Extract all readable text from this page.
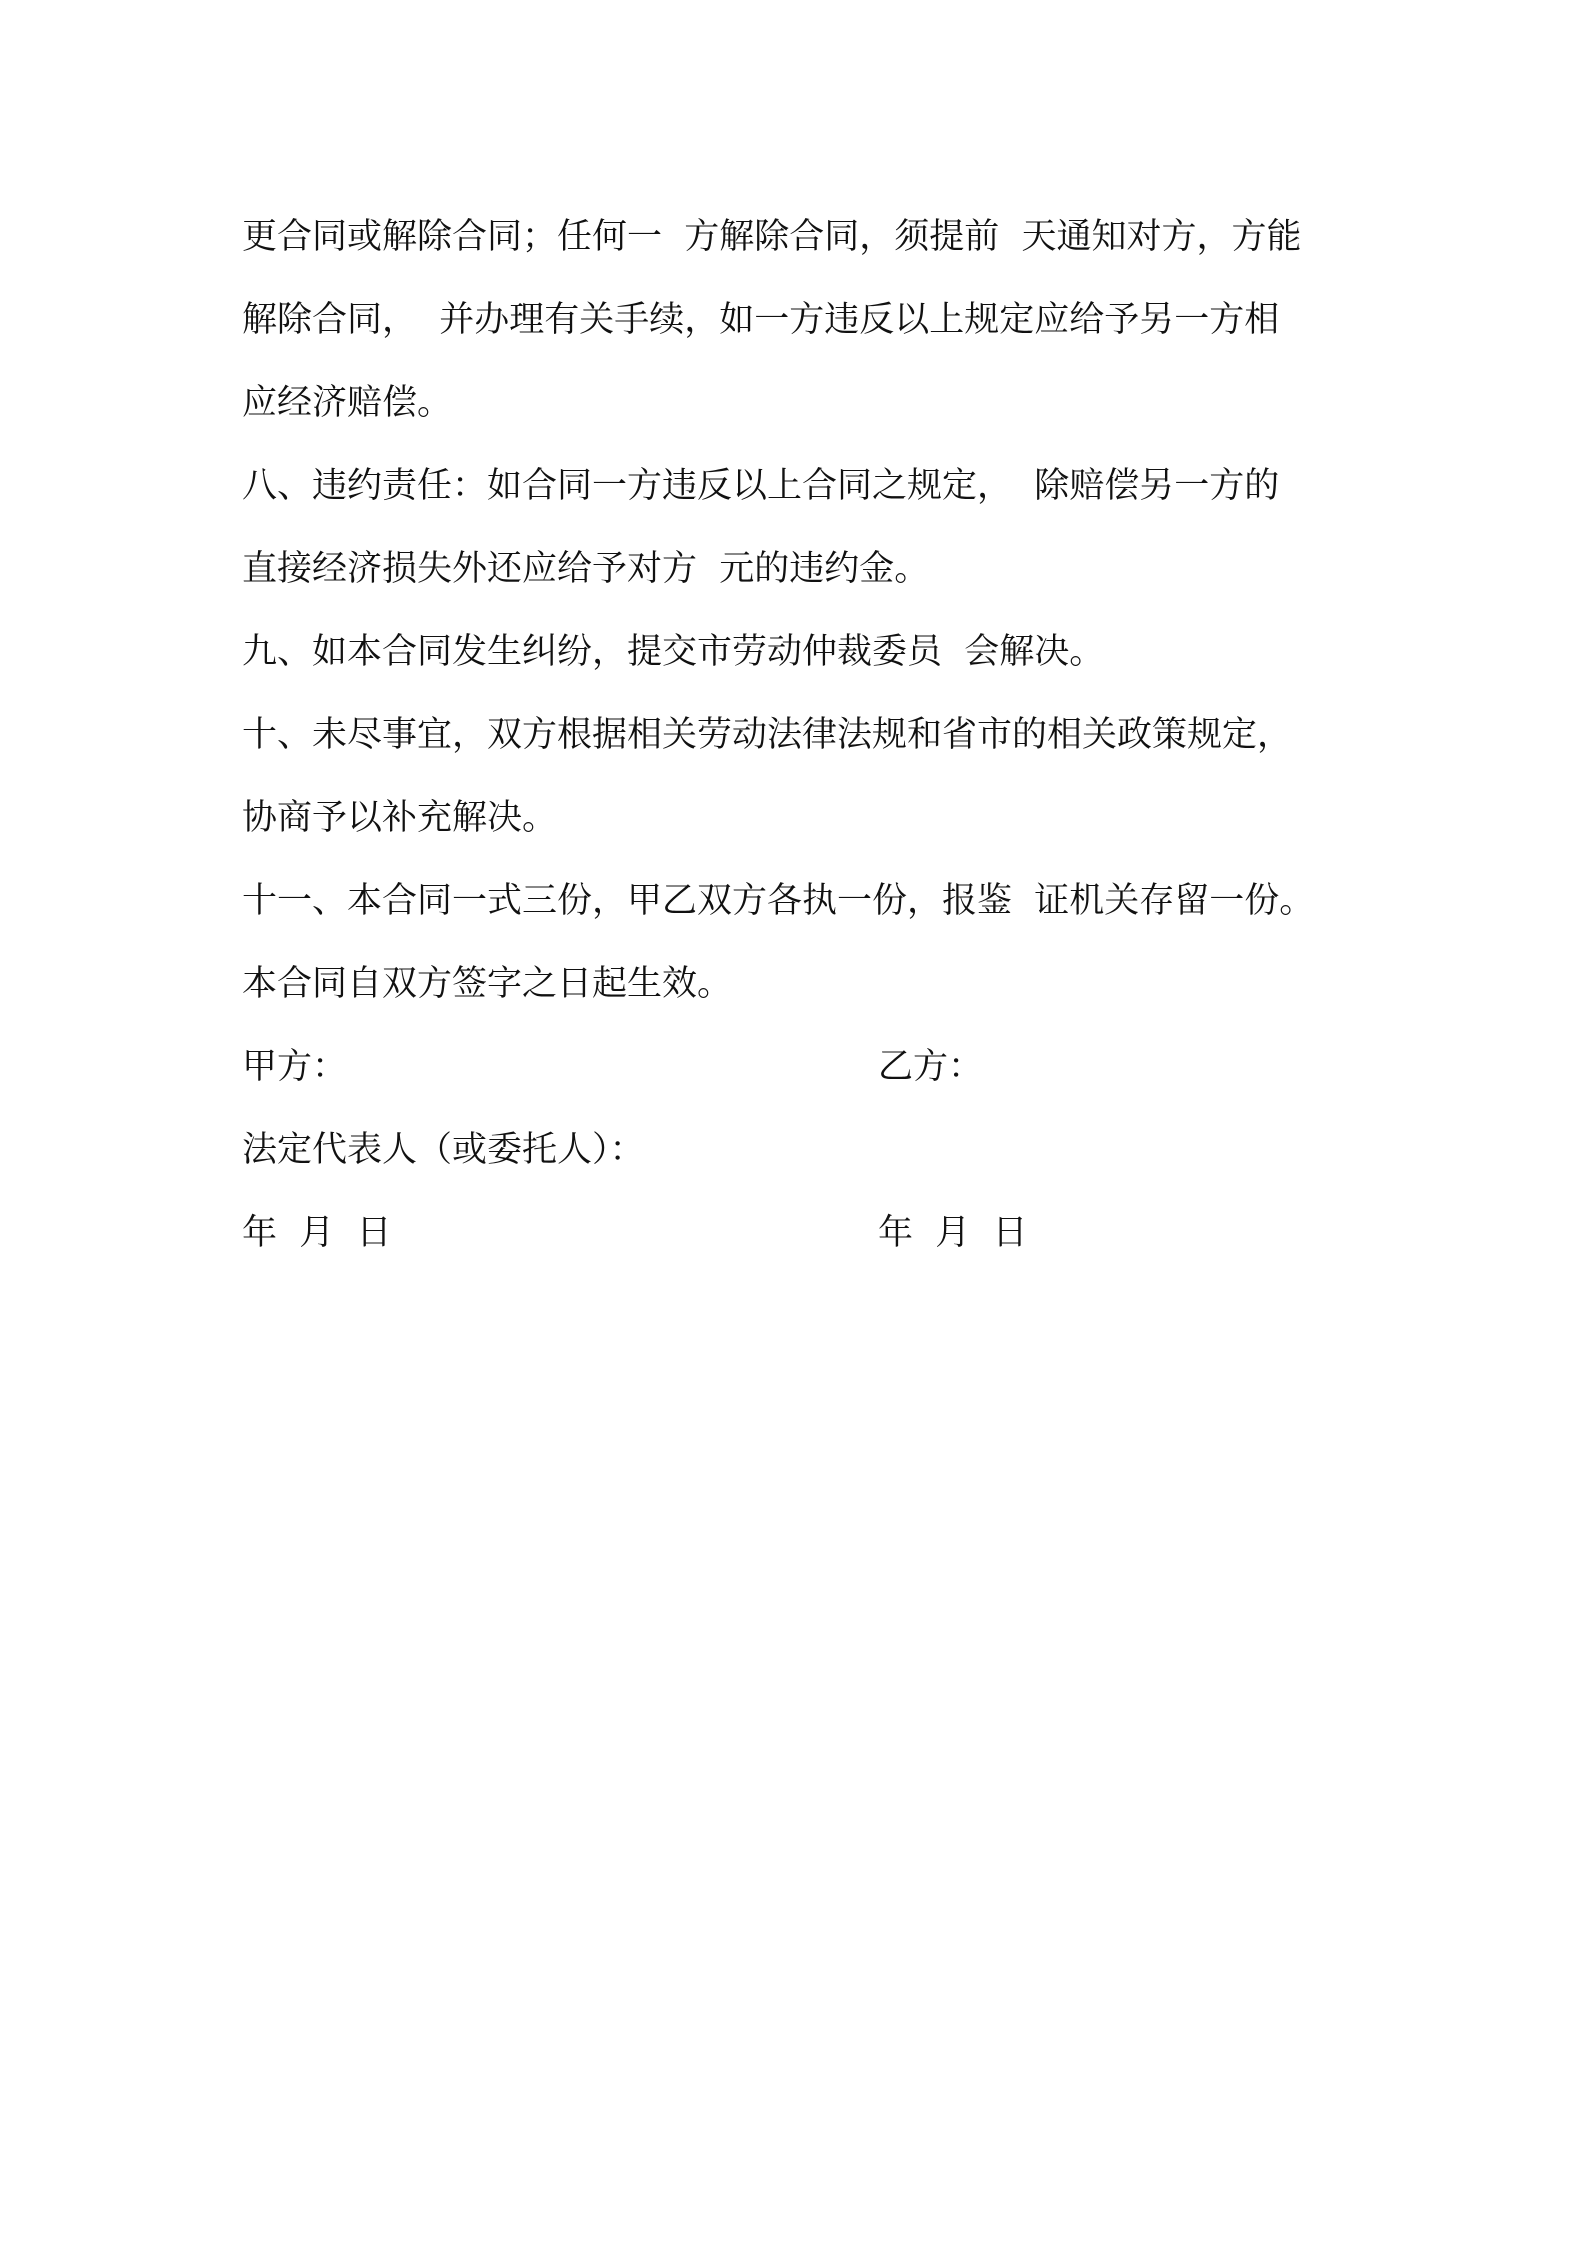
更合同或解除合同；任何一  方解除合同，须提前  天通知对方，方能
解除合同，  并办理有关手续，如一方违反以上规定应给予另一方相
应经济赔偿。
八、违约责任：如合同一方违反以上合同之规定，  除赔偿另一方的
直接经济损失外还应给予对方  元的违约金。
九、如本合同发生纠纷，提交市劳动仲裁委员  会解决。
十、未尽事宜，双方根据相关劳动法律法规和省市的相关政策规定，
协商予以补充解决。
十一、本合同一式三份，甲乙双方各执一份，报鉴  证机关存留一份。
本合同自双方签字之日起生效。

甲方：

	乙方：

法定代表人（或委托人）：

年  月  日

	年  月  日
